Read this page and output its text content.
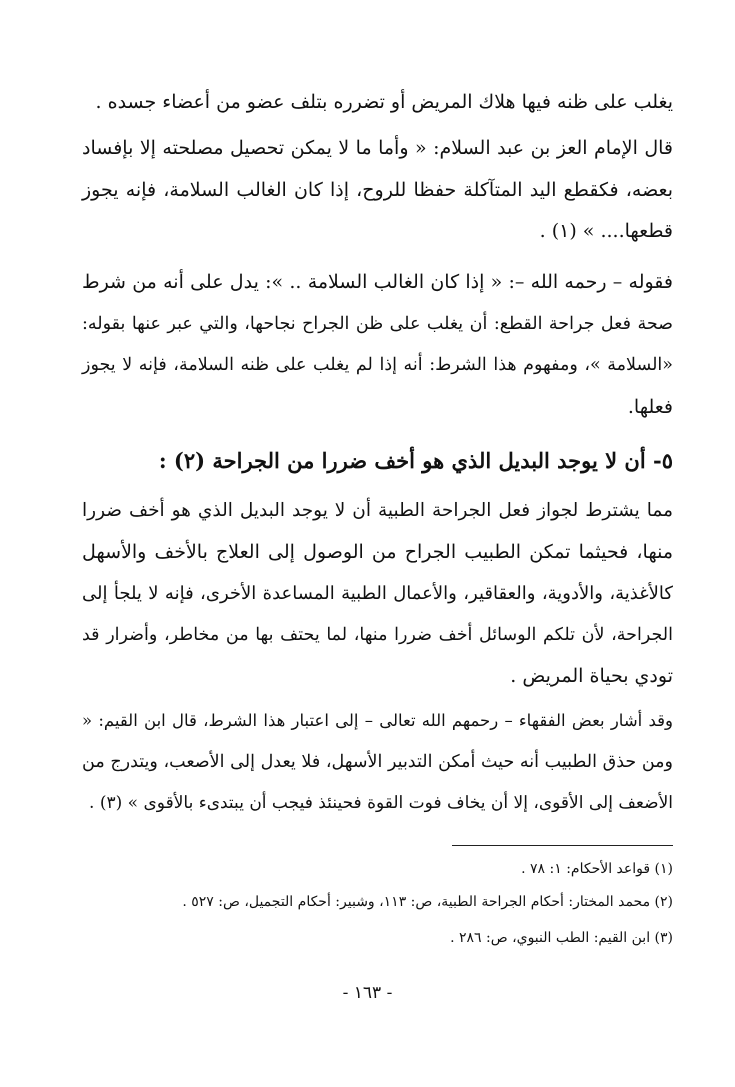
يغلب على ظنه فيها هلاك المريض أو تضرره بتلف عضو من أعضاء جسده .
قال الإمام العز بن عبد السلام: « وأما ما لا يمكن تحصيل مصلحته إلا بإفساد
بعضه، فكقطع اليد المتآكلة حفظا للروح، إذا كان الغالب السلامة، فإنه يجوز
قطعها.... » (١) .
فقوله – رحمه الله –: « إذا كان الغالب السلامة .. »: يدل على أنه من شرط
صحة فعل جراحة القطع: أن يغلب على ظن الجراح نجاحها، والتي عبر عنها بقوله:
«السلامة »، ومفهوم هذا الشرط: أنه إذا لم يغلب على ظنه السلامة، فإنه لا يجوز
فعلها.
٥- أن لا يوجد البديل الذي هو أخف ضررا من الجراحة (٢) :
مما يشترط لجواز فعل الجراحة الطبية أن لا يوجد البديل الذي هو أخف ضررا
منها، فحيثما تمكن الطبيب الجراح من الوصول إلى العلاج بالأخف والأسهل
كالأغذية، والأدوية، والعقاقير، والأعمال الطبية المساعدة الأخرى، فإنه لا يلجأ إلى
الجراحة، لأن تلكم الوسائل أخف ضررا منها، لما يحتف بها من مخاطر، وأضرار قد
تودي بحياة المريض .
وقد أشار بعض الفقهاء – رحمهم الله تعالى – إلى اعتبار هذا الشرط، قال ابن القيم: «
ومن حذق الطبيب أنه حيث أمكن التدبير الأسهل، فلا يعدل إلى الأصعب، ويتدرج من
الأضعف إلى الأقوى، إلا أن يخاف فوت القوة فحينئذ فيجب أن يبتدىء بالأقوى » (٣) .
(١) قواعد الأحكام: ١: ٧٨ .
(٢) محمد المختار: أحكام الجراحة الطبية، ص: ١١٣، وشبير: أحكام التجميل، ص: ٥٢٧ .
(٣) ابن القيم: الطب النبوي، ص: ٢٨٦ .
- ١٦٣ -
